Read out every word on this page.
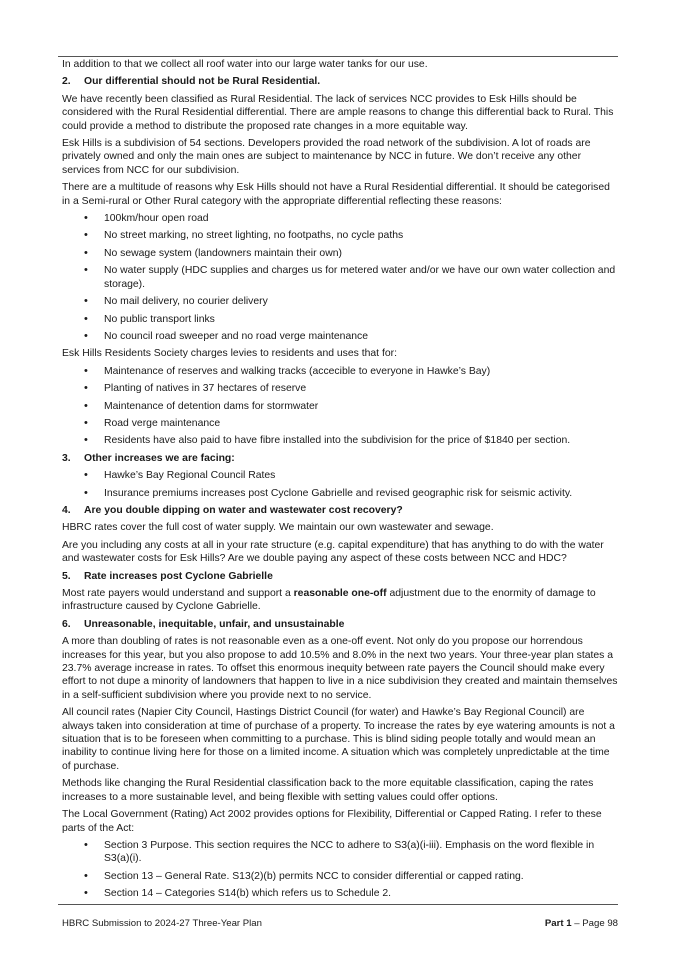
In addition to that we collect all roof water into our large water tanks for our use.

2.	Our differential should not be Rural Residential.

We have recently been classified as Rural Residential. The lack of services NCC provides to Esk Hills should be considered with the Rural Residential differential. There are ample reasons to change this differential back to Rural. This could provide a method to distribute the proposed rate changes in a more equitable way.

Esk Hills is a subdivision of 54 sections. Developers provided the road network of the subdivision. A lot of roads are privately owned and only the main ones are subject to maintenance by NCC in future. We don’t receive any other services from NCC for our subdivision.

There are a multitude of reasons why Esk Hills should not have a Rural Residential differential. It should be categorised in a Semi-rural or Other Rural category with the appropriate differential reflecting these reasons:

• 100km/hour open road
• No street marking, no street lighting, no footpaths, no cycle paths
• No sewage system (landowners maintain their own)
• No water supply (HDC supplies and charges us for metered water and/or we have our own water collection and storage).
• No mail delivery, no courier delivery
• No public transport links
• No council road sweeper and no road verge maintenance

Esk Hills Residents Society charges levies to residents and uses that for:

• Maintenance of reserves and walking tracks (accecible to everyone in Hawke’s Bay)
• Planting of natives in 37 hectares of reserve
• Maintenance of detention dams for stormwater
• Road verge maintenance
• Residents have also paid to have fibre installed into the subdivision for the price of $1840 per section.
3.	Other increases we are facing:
• Hawke’s Bay Regional Council Rates
• Insurance premiums increases post Cyclone Gabrielle and revised geographic risk for seismic activity.
4.	Are you double dipping on water and wastewater cost recovery?

HBRC rates cover the full cost of water supply. We maintain our own wastewater and sewage.

Are you including any costs at all in your rate structure (e.g. capital expenditure) that has anything to do with the water and wastewater costs for Esk Hills? Are we double paying any aspect of these costs between NCC and HDC?

5.	Rate increases post Cyclone Gabrielle

Most rate payers would understand and support a reasonable one-off adjustment due to the enormity of damage to infrastructure caused by Cyclone Gabrielle.

6.	Unreasonable, inequitable, unfair, and unsustainable

A more than doubling of rates is not reasonable even as a one-off event. Not only do you propose our horrendous increases for this year, but you also propose to add 10.5% and 8.0% in the next two years. Your three-year plan states a 23.7% average increase in rates. To offset this enormous inequity between rate payers the Council should make every effort to not dupe a minority of landowners that happen to live in a nice subdivision they created and maintain themselves in a self-sufficient subdivision where you provide next to no service.

All council rates (Napier City Council, Hastings District Council (for water) and Hawke’s Bay Regional Council) are always taken into consideration at time of purchase of a property. To increase the rates by eye watering amounts is not a situation that is to be foreseen when committing to a purchase. This is blind siding people totally and would mean an inability to continue living here for those on a limited income. A situation which was completely unpredictable at the time of purchase.

Methods like changing the Rural Residential classification back to the more equitable classification, caping the rates increases to a more sustainable level, and being flexible with setting values could offer options.

The Local Government (Rating) Act 2002 provides options for Flexibility, Differential or Capped Rating. I refer to these parts of the Act:

• Section 3 Purpose. This section requires the NCC to adhere to S3(a)(i-iii). Emphasis on the word flexible in S3(a)(i).
• Section 13 – General Rate. S13(2)(b) permits NCC to consider differential or capped rating.
• Section 14 – Categories S14(b) which refers us to Schedule 2.
HBRC Submission to 2024-27 Three-Year Plan	Part 1 – Page 98
